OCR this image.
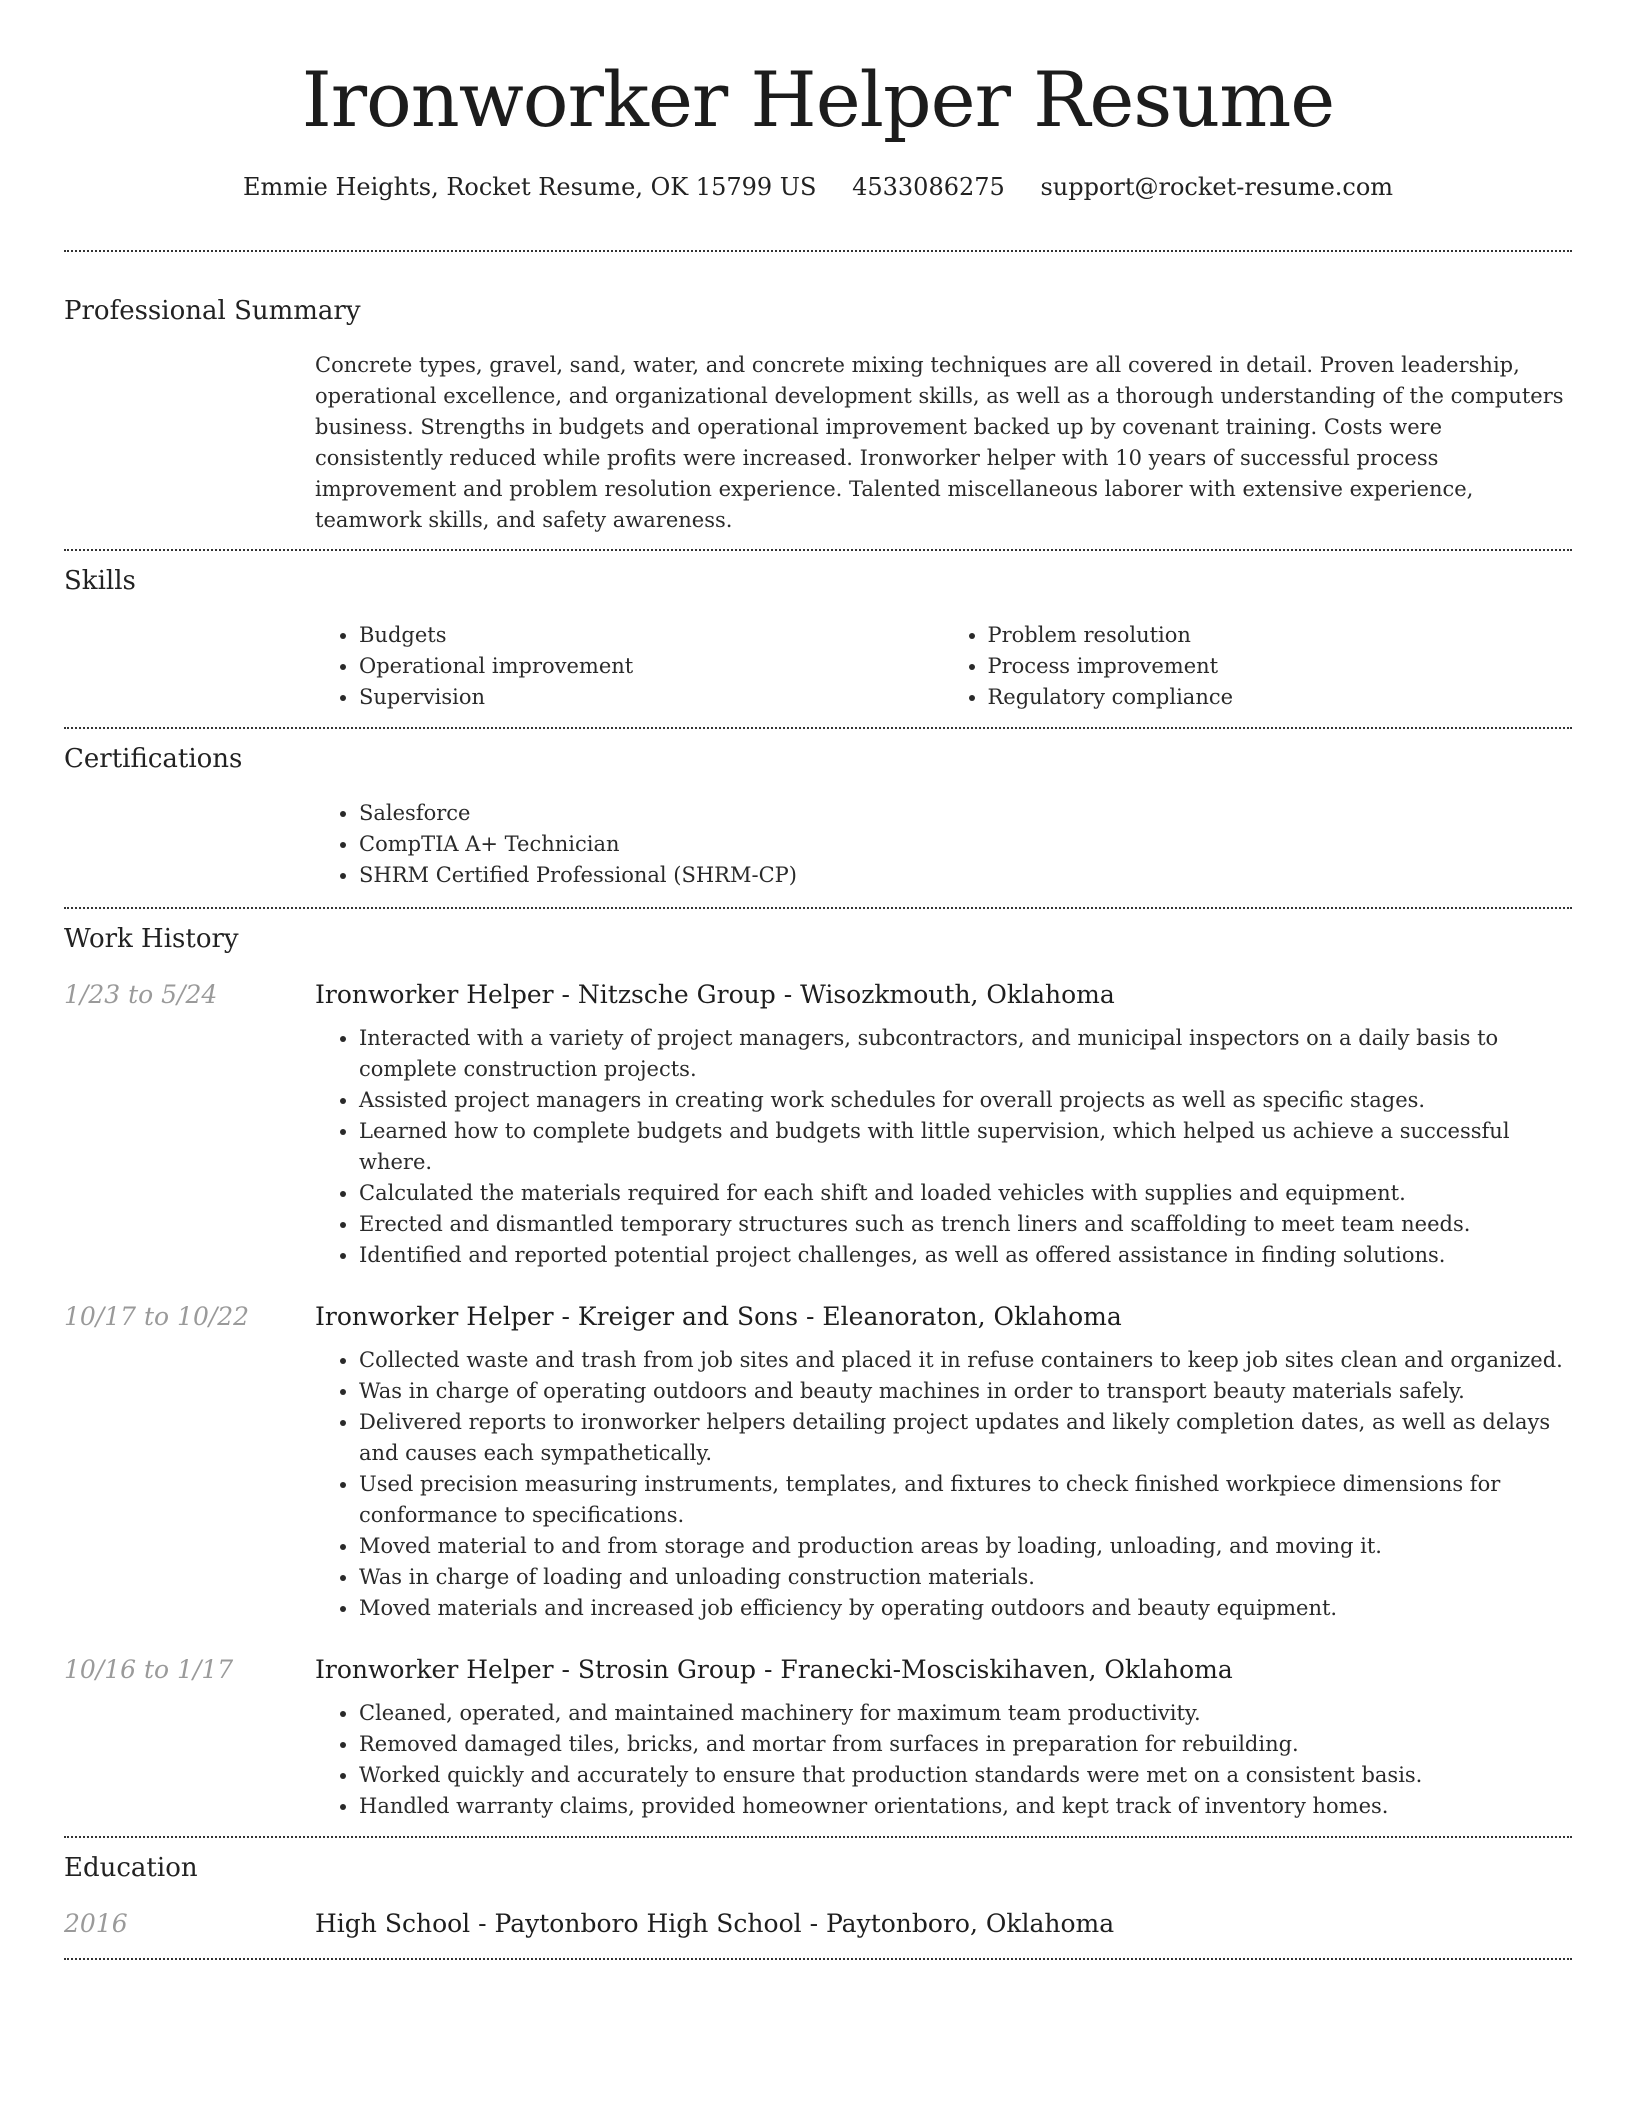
Ironworker Helper Resume
Emmie Heights, Rocket Resume, OK 15799 US 4533086275 support@rocket-resume.com
Professional Summary
Concrete types, gravel, sand, water, and concrete mixing techniques are all covered in detail. Proven leadership, operational excellence, and organizational development skills, as well as a thorough understanding of the computers business. Strengths in budgets and operational improvement backed up by covenant training. Costs were consistently reduced while profits were increased. Ironworker helper with 10 years of successful process improvement and problem resolution experience. Talented miscellaneous laborer with extensive experience, teamwork skills, and safety awareness.
Skills
• Budgets
• Operational improvement
• Supervision
• Problem resolution
• Process improvement
• Regulatory compliance
Certifications
• Salesforce
• CompTIA A+ Technician
• SHRM Certified Professional (SHRM-CP)
Work History
1/23 to 5/24	Ironworker Helper - Nitzsche Group - Wisozkmouth, Oklahoma
• Interacted with a variety of project managers, subcontractors, and municipal inspectors on a daily basis to complete construction projects.
• Assisted project managers in creating work schedules for overall projects as well as specific stages.
• Learned how to complete budgets and budgets with little supervision, which helped us achieve a successful where.
• Calculated the materials required for each shift and loaded vehicles with supplies and equipment.
• Erected and dismantled temporary structures such as trench liners and scaffolding to meet team needs.
• Identified and reported potential project challenges, as well as offered assistance in finding solutions.
10/17 to 10/22	Ironworker Helper - Kreiger and Sons - Eleanoraton, Oklahoma
• Collected waste and trash from job sites and placed it in refuse containers to keep job sites clean and organized.
• Was in charge of operating outdoors and beauty machines in order to transport beauty materials safely.
• Delivered reports to ironworker helpers detailing project updates and likely completion dates, as well as delays and causes each sympathetically.
• Used precision measuring instruments, templates, and fixtures to check finished workpiece dimensions for conformance to specifications.
• Moved material to and from storage and production areas by loading, unloading, and moving it.
• Was in charge of loading and unloading construction materials.
• Moved materials and increased job efficiency by operating outdoors and beauty equipment.
10/16 to 1/17	Ironworker Helper - Strosin Group - Franecki-Mosciskihaven, Oklahoma
• Cleaned, operated, and maintained machinery for maximum team productivity.
• Removed damaged tiles, bricks, and mortar from surfaces in preparation for rebuilding.
• Worked quickly and accurately to ensure that production standards were met on a consistent basis.
• Handled warranty claims, provided homeowner orientations, and kept track of inventory homes.
Education
2016	High School - Paytonboro High School - Paytonboro, Oklahoma
